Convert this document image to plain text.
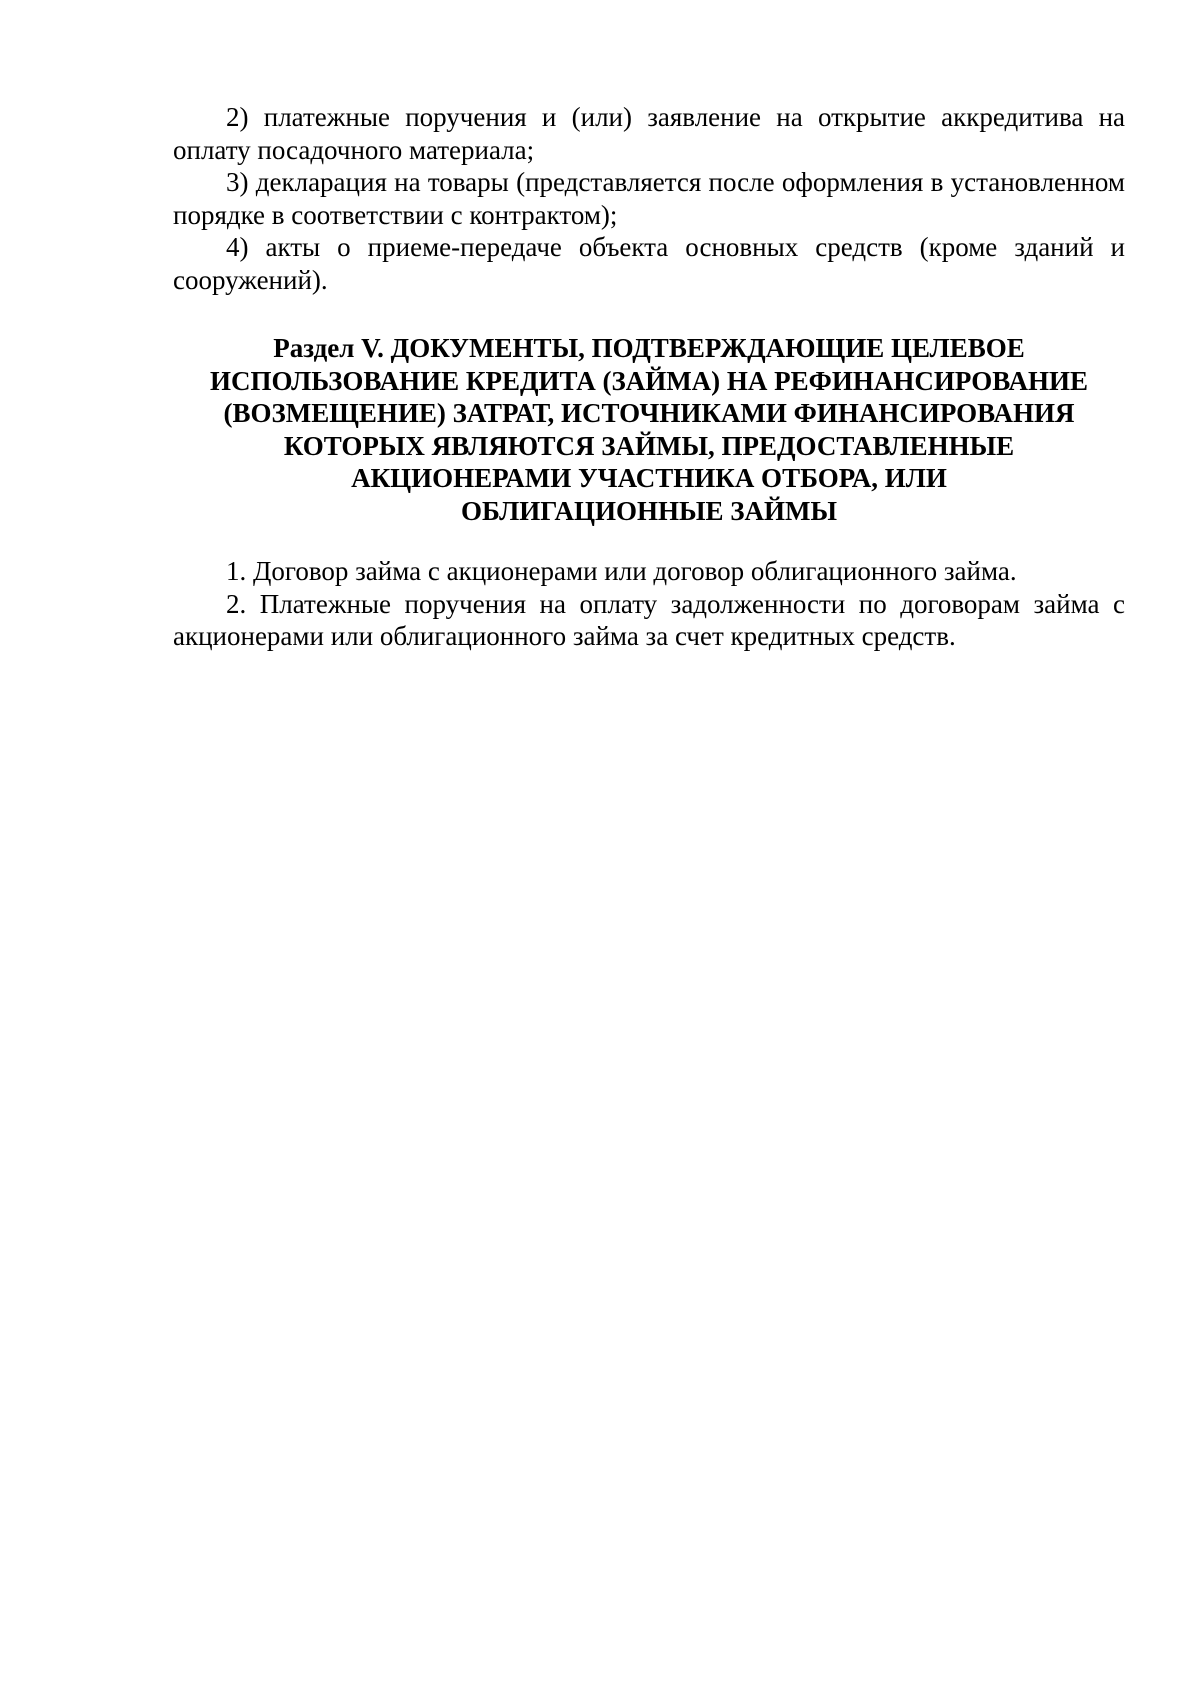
2) платежные поручения и (или) заявление на открытие аккредитива на оплату посадочного материала;

3) декларация на товары (представляется после оформления в установленном порядке в соответствии с контрактом);

4) акты о приеме-передаче объекта основных средств (кроме зданий и сооружений).

Раздел V. ДОКУМЕНТЫ, ПОДТВЕРЖДАЮЩИЕ ЦЕЛЕВОЕ
ИСПОЛЬЗОВАНИЕ КРЕДИТА (ЗАЙМА) НА РЕФИНАНСИРОВАНИЕ
(ВОЗМЕЩЕНИЕ) ЗАТРАТ, ИСТОЧНИКАМИ ФИНАНСИРОВАНИЯ
КОТОРЫХ ЯВЛЯЮТСЯ ЗАЙМЫ, ПРЕДОСТАВЛЕННЫЕ
АКЦИОНЕРАМИ УЧАСТНИКА ОТБОРА, ИЛИ
ОБЛИГАЦИОННЫЕ ЗАЙМЫ

1. Договор займа с акционерами или договор облигационного займа.

2. Платежные поручения на оплату задолженности по договорам займа с акционерами или облигационного займа за счет кредитных средств.
